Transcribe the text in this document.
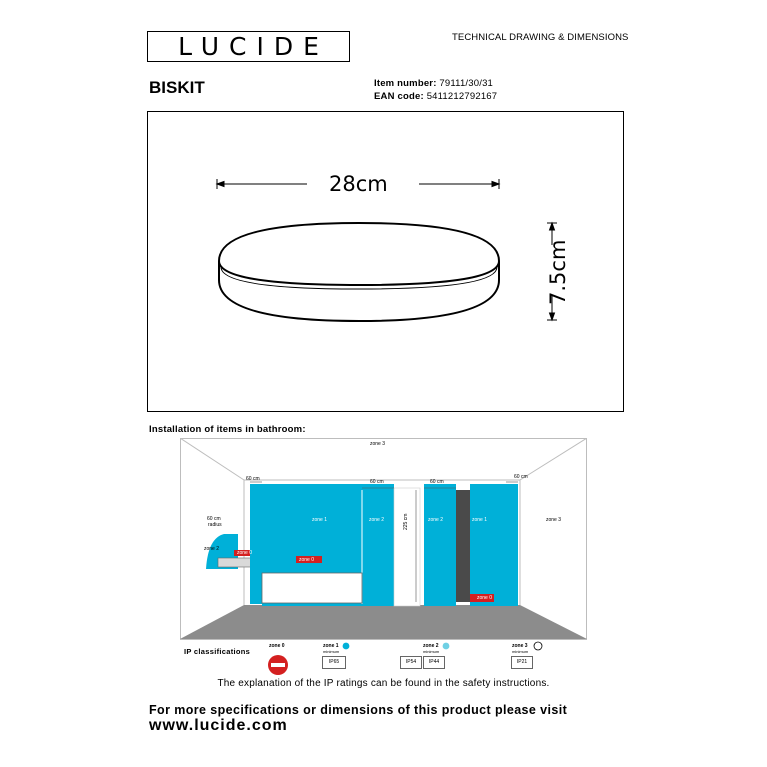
LUCIDE	TECHNICAL DRAWING & DIMENSIONS
BISKIT	Item number: 79111/30/31
EAN code: 5411212792167
28cm
7.5cm
Installation of items in bathroom:
zone 3
zone 3
60 cm	60 cm	60 cm
60 cm
60 cm
radius
zone 2
zone 0
zone 1	zone 2
zone 0
zone 2	zone 1
zone 0
225 cm
IP classifications
zone 0	zone 1
minimum
IP65
zone 2
minimum
IP54	IP44
zone 3
minimum
IP21
The explanation of the IP ratings can be found in the safety instructions.
For more specifications or dimensions of this product please visit
www.lucide.com
